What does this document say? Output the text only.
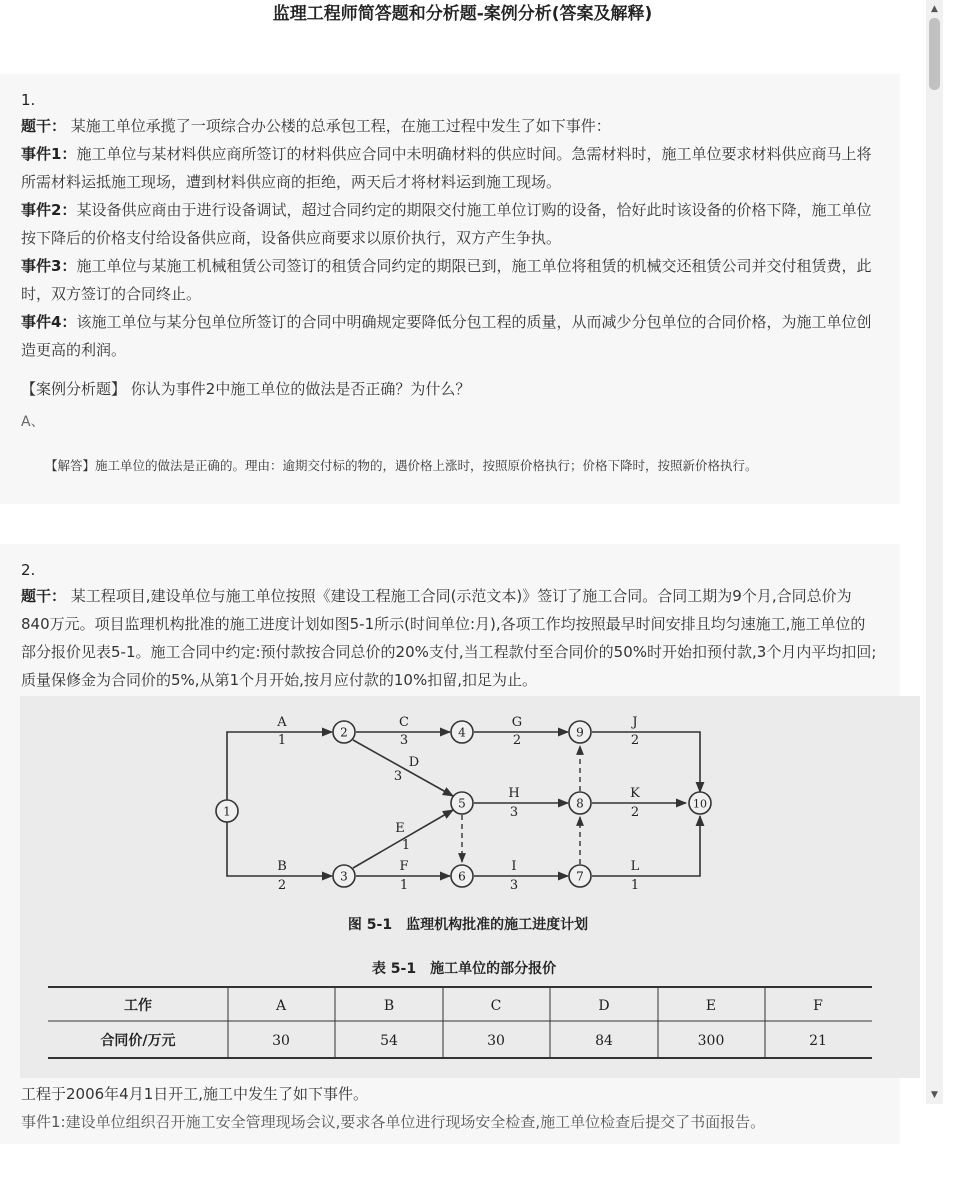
监理工程师简答题和分析题-案例分析(答案及解释)
1.
题干： 某施工单位承揽了一项综合办公楼的总承包工程，在施工过程中发生了如下事件：
事件1：施工单位与某材料供应商所签订的材料供应合同中未明确材料的供应时间。急需材料时，施工单位要求材料供应商马上将所需材料运抵施工现场，遭到材料供应商的拒绝，两天后才将材料运到施工现场。
事件2：某设备供应商由于进行设备调试，超过合同约定的期限交付施工单位订购的设备，恰好此时该设备的价格下降，施工单位按下降后的价格支付给设备供应商，设备供应商要求以原价执行，双方产生争执。
事件3：施工单位与某施工机械租赁公司签订的租赁合同约定的期限已到，施工单位将租赁的机械交还租赁公司并交付租赁费，此时，双方签订的合同终止。
事件4：该施工单位与某分包单位所签订的合同中明确规定要降低分包工程的质量，从而减少分包单位的合同价格，为施工单位创造更高的利润。
【案例分析题】 你认为事件2中施工单位的做法是否正确？为什么？
A、
【解答】施工单位的做法是正确的。理由：逾期交付标的物的，遇价格上涨时，按照原价格执行；价格下降时，按照新价格执行。
2.
题干： 某工程项目,建设单位与施工单位按照《建设工程施工合同(示范文本)》签订了施工合同。合同工期为9个月,合同总价为840万元。项目监理机构批准的施工进度计划如图5-1所示(时间单位:月),各项工作均按照最早时间安排且均匀速施工,施工单位的部分报价见表5-1。施工合同中约定:预付款按合同总价的20%支付,当工程款付至合同价的50%时开始扣预付款,3个月内平均扣回;质量保修金为合同价的5%,从第1个月开始,按月应付款的10%扣留,扣足为止。
1
2
3
4
5
6	7
8
9
10
A
1
B
2
C
3
D
3
E
1
F
1
G
2
H
3
I
3
J
2
K
2
L
1
图 5-1　监理机构批准的施工进度计划
表 5-1　施工单位的部分报价
工作	A	B	C	D	E	F
合同价/万元	30	54	30	84	300	21
工程于2006年4月1日开工,施工中发生了如下事件。
事件1:建设单位组织召开施工安全管理现场会议,要求各单位进行现场安全检查,施工单位检查后提交了书面报告。
▲
▼
